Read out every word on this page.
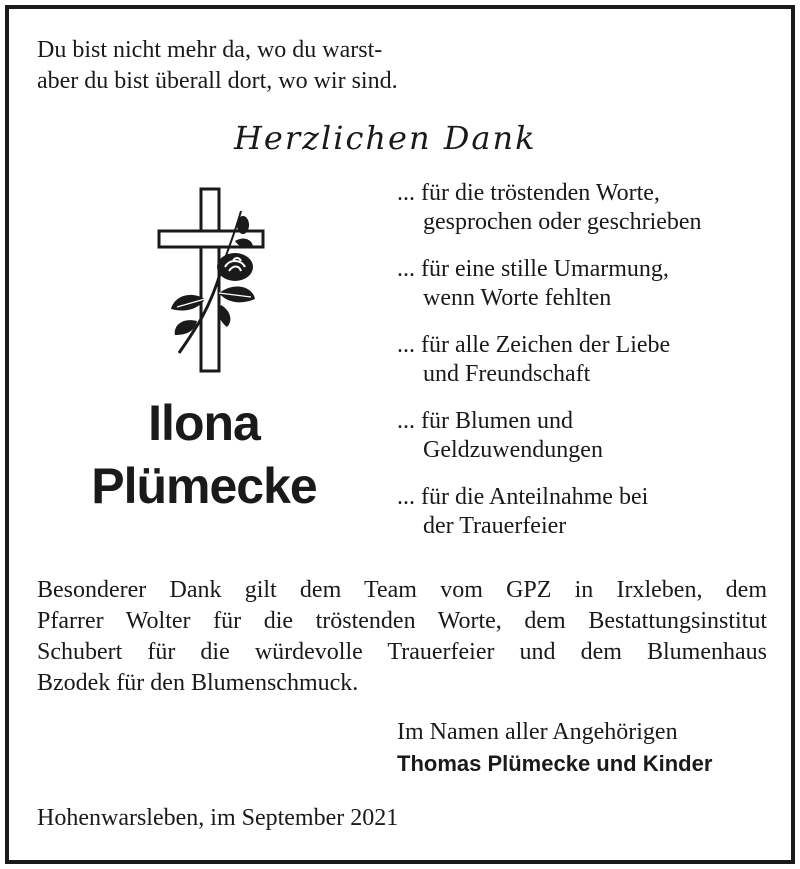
Du bist nicht mehr da, wo du warst-
aber du bist überall dort, wo wir sind.
Herzlichen Dank
Ilona
Plümecke
... für die tröstenden Worte,
gesprochen oder geschrieben
... für eine stille Umarmung,
wenn Worte fehlten
... für alle Zeichen der Liebe
und Freundschaft
... für Blumen und
Geldzuwendungen
... für die Anteilnahme bei
der Trauerfeier
Besonderer Dank gilt dem Team vom GPZ in Irxleben, dem
Pfarrer Wolter für die tröstenden Worte, dem Bestattungsinstitut
Schubert für die würdevolle Trauerfeier und dem Blumenhaus
Bzodek für den Blumenschmuck.
Im Namen aller Angehörigen
Thomas Plümecke und Kinder
Hohenwarsleben, im September 2021
